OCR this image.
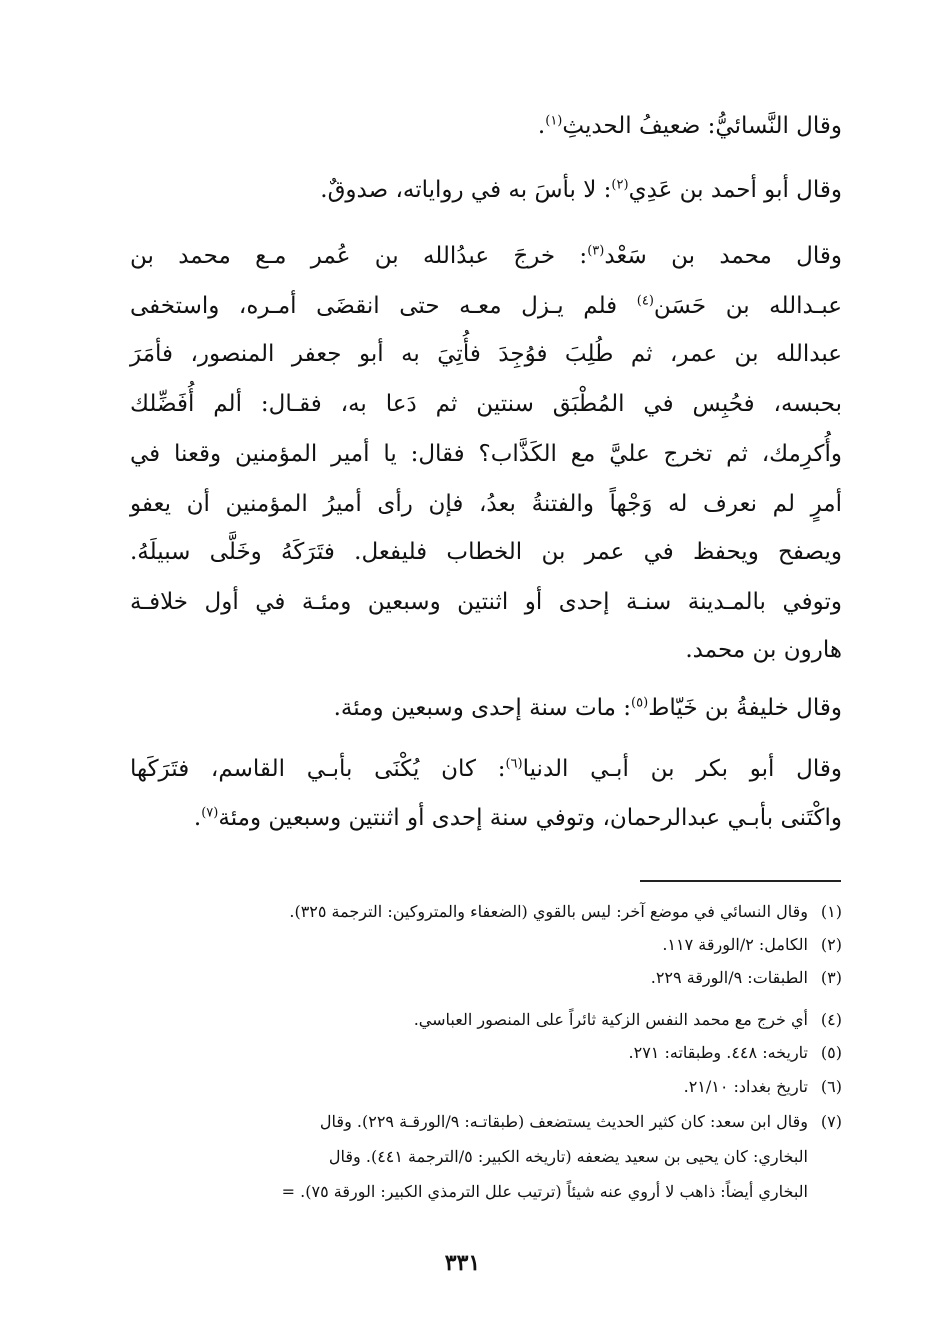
وقال النَّسائيُّ: ضعيفُ الحديثِ$^{(١)}$.
وقال أبو أحمد بن عَدِي$^{(٢)}$: لا بأسَ به في رواياته، صدوقٌ.
وقال محمد بن سَعْد$^{(٣)}$: خرجَ عبدُالله بن عُمر مـع محمد بن
عبـدالله بن حَسَن$^{(٤)}$ فلم يـزل معـه حتى انقضَى أمـره، واستخفى
عبدالله بن عمر، ثم طُلِبَ فوُجِدَ فأُتِيَ به أبو جعفر المنصور، فأمَرَ
بحبسه، فحُبِس في المُطْبَق سنتين ثم دَعا به، فقـال: ألم أُفَضِّلك
وأُكرِمك، ثم تخرج عليَّ مع الكَذَّاب؟ فقال: يا أمير المؤمنين وقعنا في
أمرٍ لم نعرف له وَجْهاً والفتنةُ بعدُ، فإن رأى أميرُ المؤمنين أن يعفو
ويصفح ويحفظ في عمر بن الخطاب فليفعل. فتَرَكَهُ وخَلَّى سبيلَهُ.
وتوفي بالمـدينة سنـة إحدى أو اثنتين وسبعين ومئـة في أول خلافـة
هارون بن محمد.
وقال خليفةُ بن خَيّاط$^{(٥)}$: مات سنة إحدى وسبعين ومئة.
وقال أبو بكر بن أبـي الدنيا$^{(٦)}$: كان يُكْنَى بأبـي القاسم، فتَرَكَها
واكْتَنى بأبـي عبدالرحمان، وتوفي سنة إحدى أو اثنتين وسبعين ومئة$^{(٧)}$.
(١)وقال النسائي في موضع آخر: ليس بالقوي (الضعفاء والمتروكين: الترجمة ٣٢٥).
(٢)الكامل: ٢/الورقة ١١٧.
(٣)الطبقات: ٩/الورقة ٢٢٩.
(٤)أي خرج مع محمد النفس الزكية ثائراً على المنصور العباسي.
(٥)تاريخه: ٤٤٨. وطبقاته: ٢٧١.
(٦)تاريخ بغداد: ٢١/١٠.
(٧)وقال ابن سعد: كان كثير الحديث يستضعف (طبقاتـه: ٩/الورقـة ٢٢٩). وقال
البخاري: كان يحيى بن سعيد يضعفه (تاريخه الكبير: ٥/الترجمة ٤٤١). وقال
البخاري أيضاً: ذاهب لا أروي عنه شيئاً (ترتيب علل الترمذي الكبير: الورقة ٧٥). =
٣٣١
